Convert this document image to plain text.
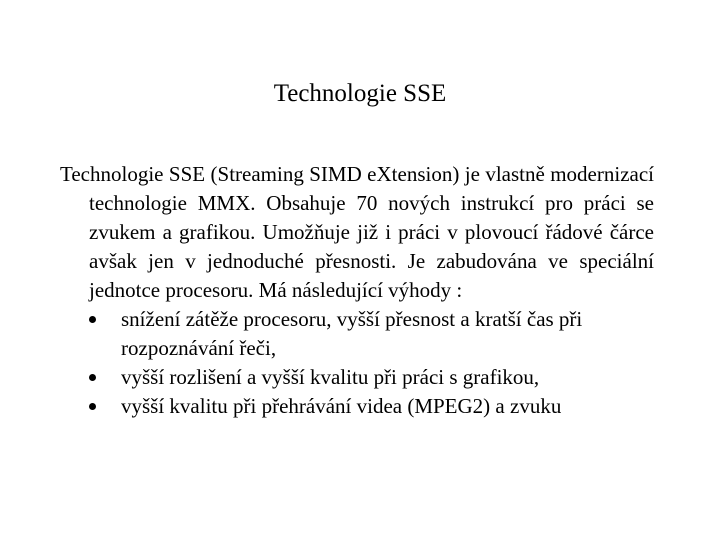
Technologie SSE

Technologie SSE (Streaming SIMD eXtension) je vlastně modernizací technologie MMX. Obsahuje 70 nových instrukcí pro práci se zvukem a grafikou. Umožňuje již i práci v plovoucí řádové čárce avšak jen v jednoduché přesnosti. Je zabudována ve speciální jednotce procesoru. Má následující výhody :

snížení zátěže procesoru, vyšší přesnost a kratší čas při rozpoznávání řeči,
vyšší rozlišení a vyšší kvalitu při práci s grafikou,
vyšší kvalitu při přehrávání videa (MPEG2) a zvuku
